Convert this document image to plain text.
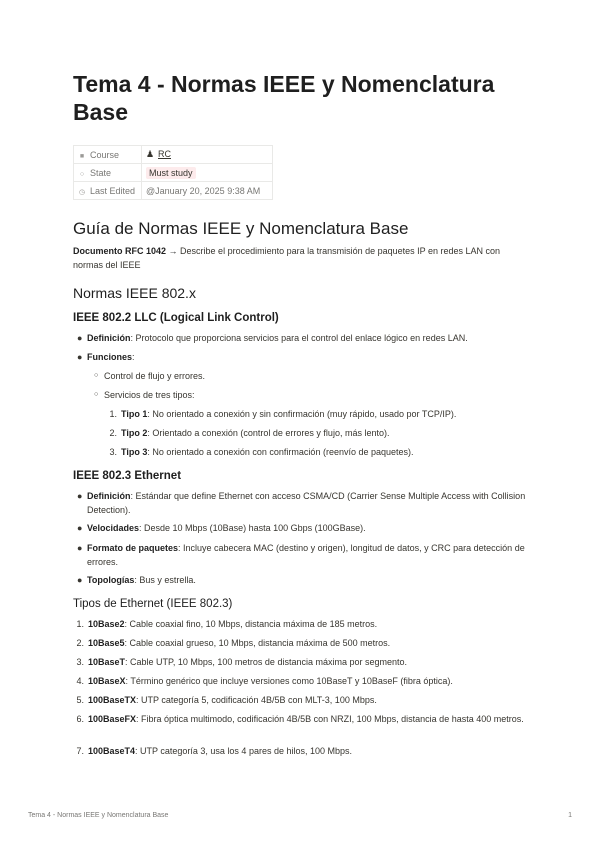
Tema 4 - Normas IEEE y Nomenclatura Base
■ Course	♟ RC
○ State	Must study
◷ Last Edited	@January 20, 2025 9:38 AM
Guía de Normas IEEE y Nomenclatura Base

Documento RFC 1042 → Describe el procedimiento para la transmisión de paquetes IP en redes LAN con normas del IEEE

Normas IEEE 802.x
IEEE 802.2 LLC (Logical Link Control)
● Definición: Protocolo que proporciona servicios para el control del enlace lógico en redes LAN.
● Funciones:
○ Control de flujo y errores.
○ Servicios de tres tipos:
1. Tipo 1: No orientado a conexión y sin confirmación (muy rápido, usado por TCP/IP).
2. Tipo 2: Orientado a conexión (control de errores y flujo, más lento).
3. Tipo 3: No orientado a conexión con confirmación (reenvío de paquetes).
IEEE 802.3 Ethernet
● Definición: Estándar que define Ethernet con acceso CSMA/CD (Carrier Sense Multiple Access with Collision Detection).
● Velocidades: Desde 10 Mbps (10Base) hasta 100 Gbps (100GBase).
● Formato de paquetes: Incluye cabecera MAC (destino y origen), longitud de datos, y CRC para detección de errores.
● Topologías: Bus y estrella.
Tipos de Ethernet (IEEE 802.3)
1. 10Base2: Cable coaxial fino, 10 Mbps, distancia máxima de 185 metros.
2. 10Base5: Cable coaxial grueso, 10 Mbps, distancia máxima de 500 metros.
3. 10BaseT: Cable UTP, 10 Mbps, 100 metros de distancia máxima por segmento.
4. 10BaseX: Término genérico que incluye versiones como 10BaseT y 10BaseF (fibra óptica).
5. 100BaseTX: UTP categoría 5, codificación 4B/5B con MLT-3, 100 Mbps.
6. 100BaseFX: Fibra óptica multimodo, codificación 4B/5B con NRZI, 100 Mbps, distancia de hasta 400 metros.
7. 100BaseT4: UTP categoría 3, usa los 4 pares de hilos, 100 Mbps.
Tema 4 - Normas IEEE y Nomenclatura Base	1
